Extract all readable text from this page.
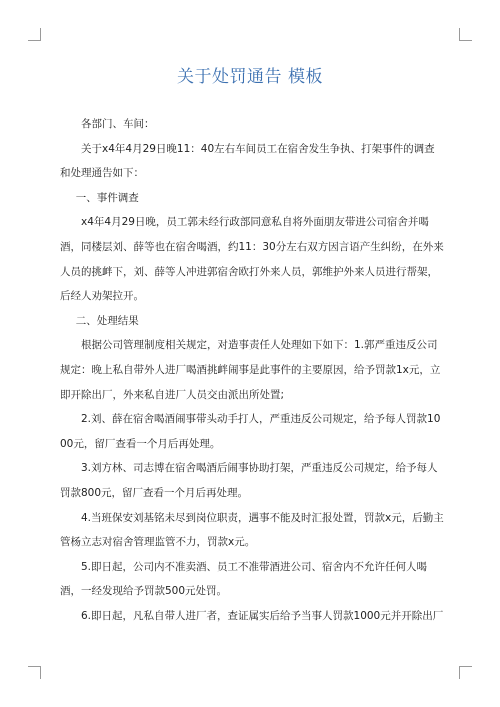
关于处罚通告 模板

各部门、车间：

关于x4年4月29日晚11：40左右车间员工在宿舍发生争执、打架事件的调查和处理通告如下：

一、事件调查

x4年4月29日晚，员工郭未经行政部同意私自将外面朋友带进公司宿舍并喝酒，同楼层刘、薛等也在宿舍喝酒，约11：30分左右双方因言语产生纠纷，在外来人员的挑衅下，刘、薛等人冲进郭宿舍欧打外来人员，郭维护外来人员进行帮架，后经人劝架拉开。

二、处理结果

根据公司管理制度相关规定，对造事责任人处理如下如下：1.郭严重违反公司规定：晚上私自带外人进厂喝酒挑衅闹事是此事件的主要原因，给予罚款1x元，立即开除出厂，外来私自进厂人员交由派出所处置;

2.刘、薛在宿舍喝酒闹事带头动手打人，严重违反公司规定，给予每人罚款1000元，留厂查看一个月后再处理。

3.刘方林、司志博在宿舍喝酒后闹事协助打架，严重违反公司规定，给予每人罚款800元，留厂查看一个月后再处理。

4.当班保安刘基铭未尽到岗位职责，遇事不能及时汇报处置，罚款x元，后勤主管杨立志对宿舍管理监管不力，罚款x元。

5.即日起，公司内不准卖酒、员工不准带酒进公司、宿舍内不允许任何人喝酒，一经发现给予罚款500元处罚。

6.即日起，凡私自带人进厂者，查证属实后给予当事人罚款1000元并开除出厂
